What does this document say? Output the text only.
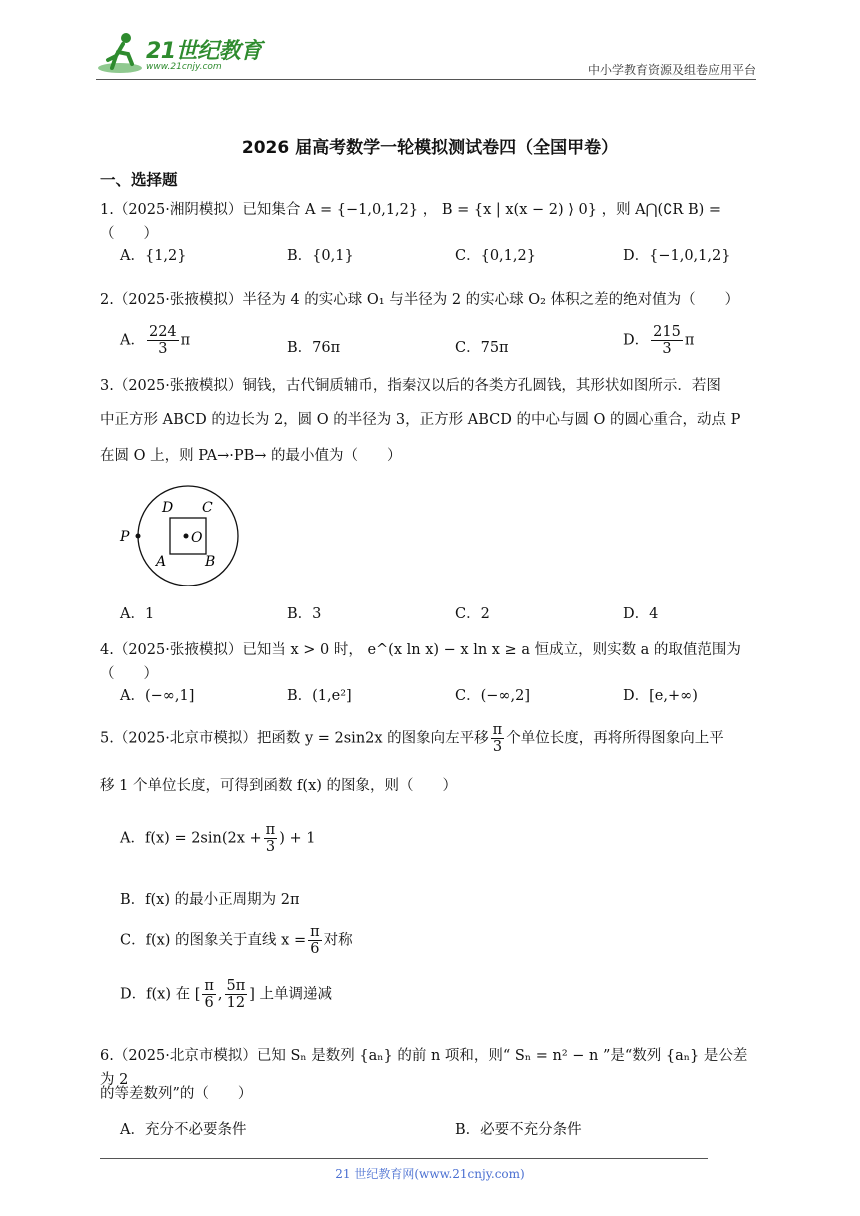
21世纪教育
www.21cnjy.com	中小学教育资源及组卷应用平台
2026 届高考数学一轮模拟测试卷四（全国甲卷）
一、选择题
1.（2025·湘阴模拟）已知集合 A = {−1,0,1,2} ， B = {x | x(x − 2) ⟩ 0} ，则 A⋂(∁R B) = （　　）
A．{1,2}	B．{0,1}	C．{0,1,2}	D．{−1,0,1,2}
2.（2025·张掖模拟）半径为 4 的实心球 O₁ 与半径为 2 的实心球 O₂ 体积之差的绝对值为（　　）
A． $\frac{224}{3}$ π	B．76π	C．75π	D． $\frac{215}{3}$ π
3.（2025·张掖模拟）铜钱，古代铜质辅币，指秦汉以后的各类方孔圆钱，其形状如图所示．若图
中正方形 ABCD 的边长为 2，圆 O 的半径为 3，正方形 ABCD 的中心与圆 O 的圆心重合，动点 P
在圆 O 上，则 PA→·PB→ 的最小值为（　　）
P
D C
A	B
O
A．1	B．3	C．2	D．4
4.（2025·张掖模拟）已知当 x > 0 时， e^(x ln x) − x ln x ≥ a 恒成立，则实数 a 的取值范围为（　　）
A．(−∞,1]	B．(1,e²]	C．(−∞,2]	D．[e,+∞)
5.（2025·北京市模拟）把函数 y = 2sin2x 的图象向左平移 $\frac{\pi}{3}$ 个单位长度，再将所得图象向上平
移 1 个单位长度，可得到函数 f(x) 的图象，则（　　）
A．$f(x) = 2\sin(2x + \frac{\pi}{3}$ ) + 1
B．f(x) 的最小正周期为 2π
C．f(x) 的图象关于直线 $x = \frac{\pi}{6}$ 对称
D．f(x) 在 [ $\frac{\pi}{6}$ , $\frac{5\pi}{12}$ ] 上单调递减
6.（2025·北京市模拟）已知 Sₙ 是数列 {aₙ} 的前 n 项和，则“ Sₙ = n² − n ”是“数列 {aₙ} 是公差为 2
的等差数列”的（　　）
A．充分不必要条件	B．必要不充分条件
21 世纪教育网(www.21cnjy.com)
